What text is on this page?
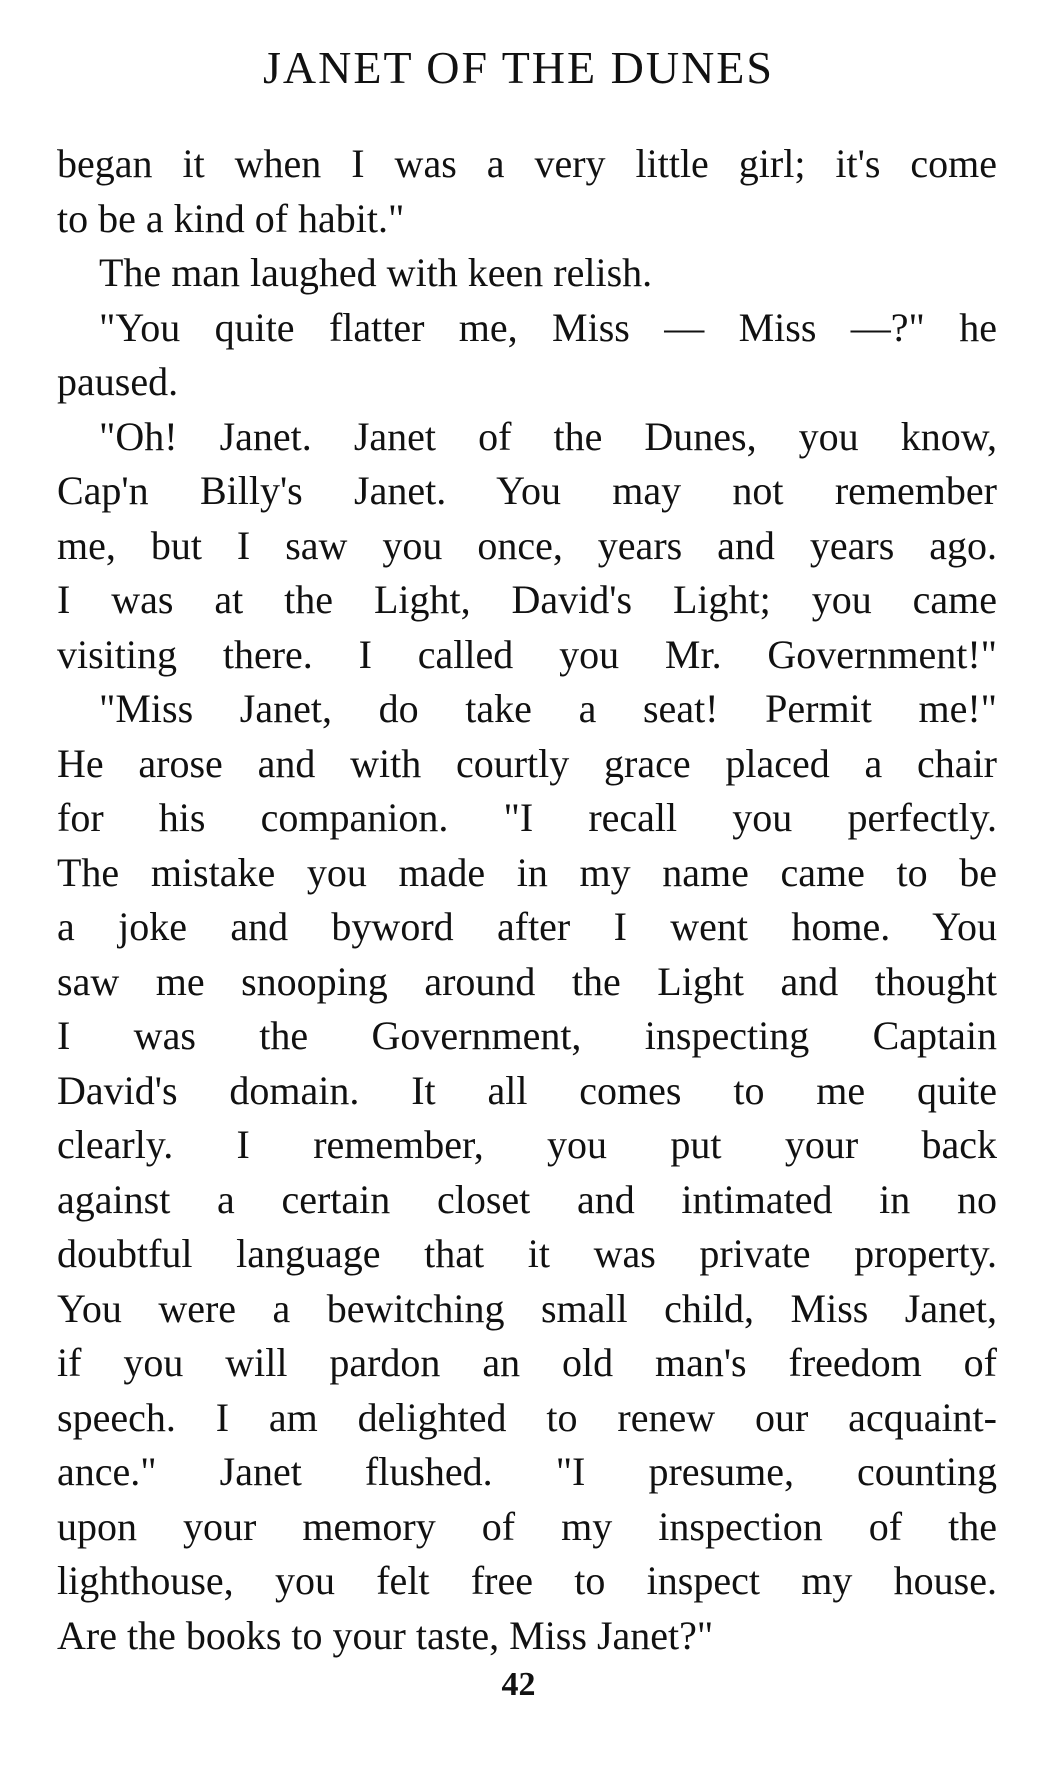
JANET OF THE DUNES
began it when I was a very little girl; it's come
to be a kind of habit."
The man laughed with keen relish.
"You quite flatter me, Miss — Miss —?" he
paused.
"Oh! Janet. Janet of the Dunes, you know,
Cap'n Billy's Janet. You may not remember
me, but I saw you once, years and years ago.
I was at the Light, David's Light; you came
visiting there. I called you Mr. Government!"
"Miss Janet, do take a seat! Permit me!"
He arose and with courtly grace placed a chair
for his companion. "I recall you perfectly.
The mistake you made in my name came to be
a joke and byword after I went home. You
saw me snooping around the Light and thought
I was the Government, inspecting Captain
David's domain. It all comes to me quite
clearly. I remember, you put your back
against a certain closet and intimated in no
doubtful language that it was private property.
You were a bewitching small child, Miss Janet,
if you will pardon an old man's freedom of
speech. I am delighted to renew our acquaint-
ance." Janet flushed. "I presume, counting
upon your memory of my inspection of the
lighthouse, you felt free to inspect my house.
Are the books to your taste, Miss Janet?"
42
